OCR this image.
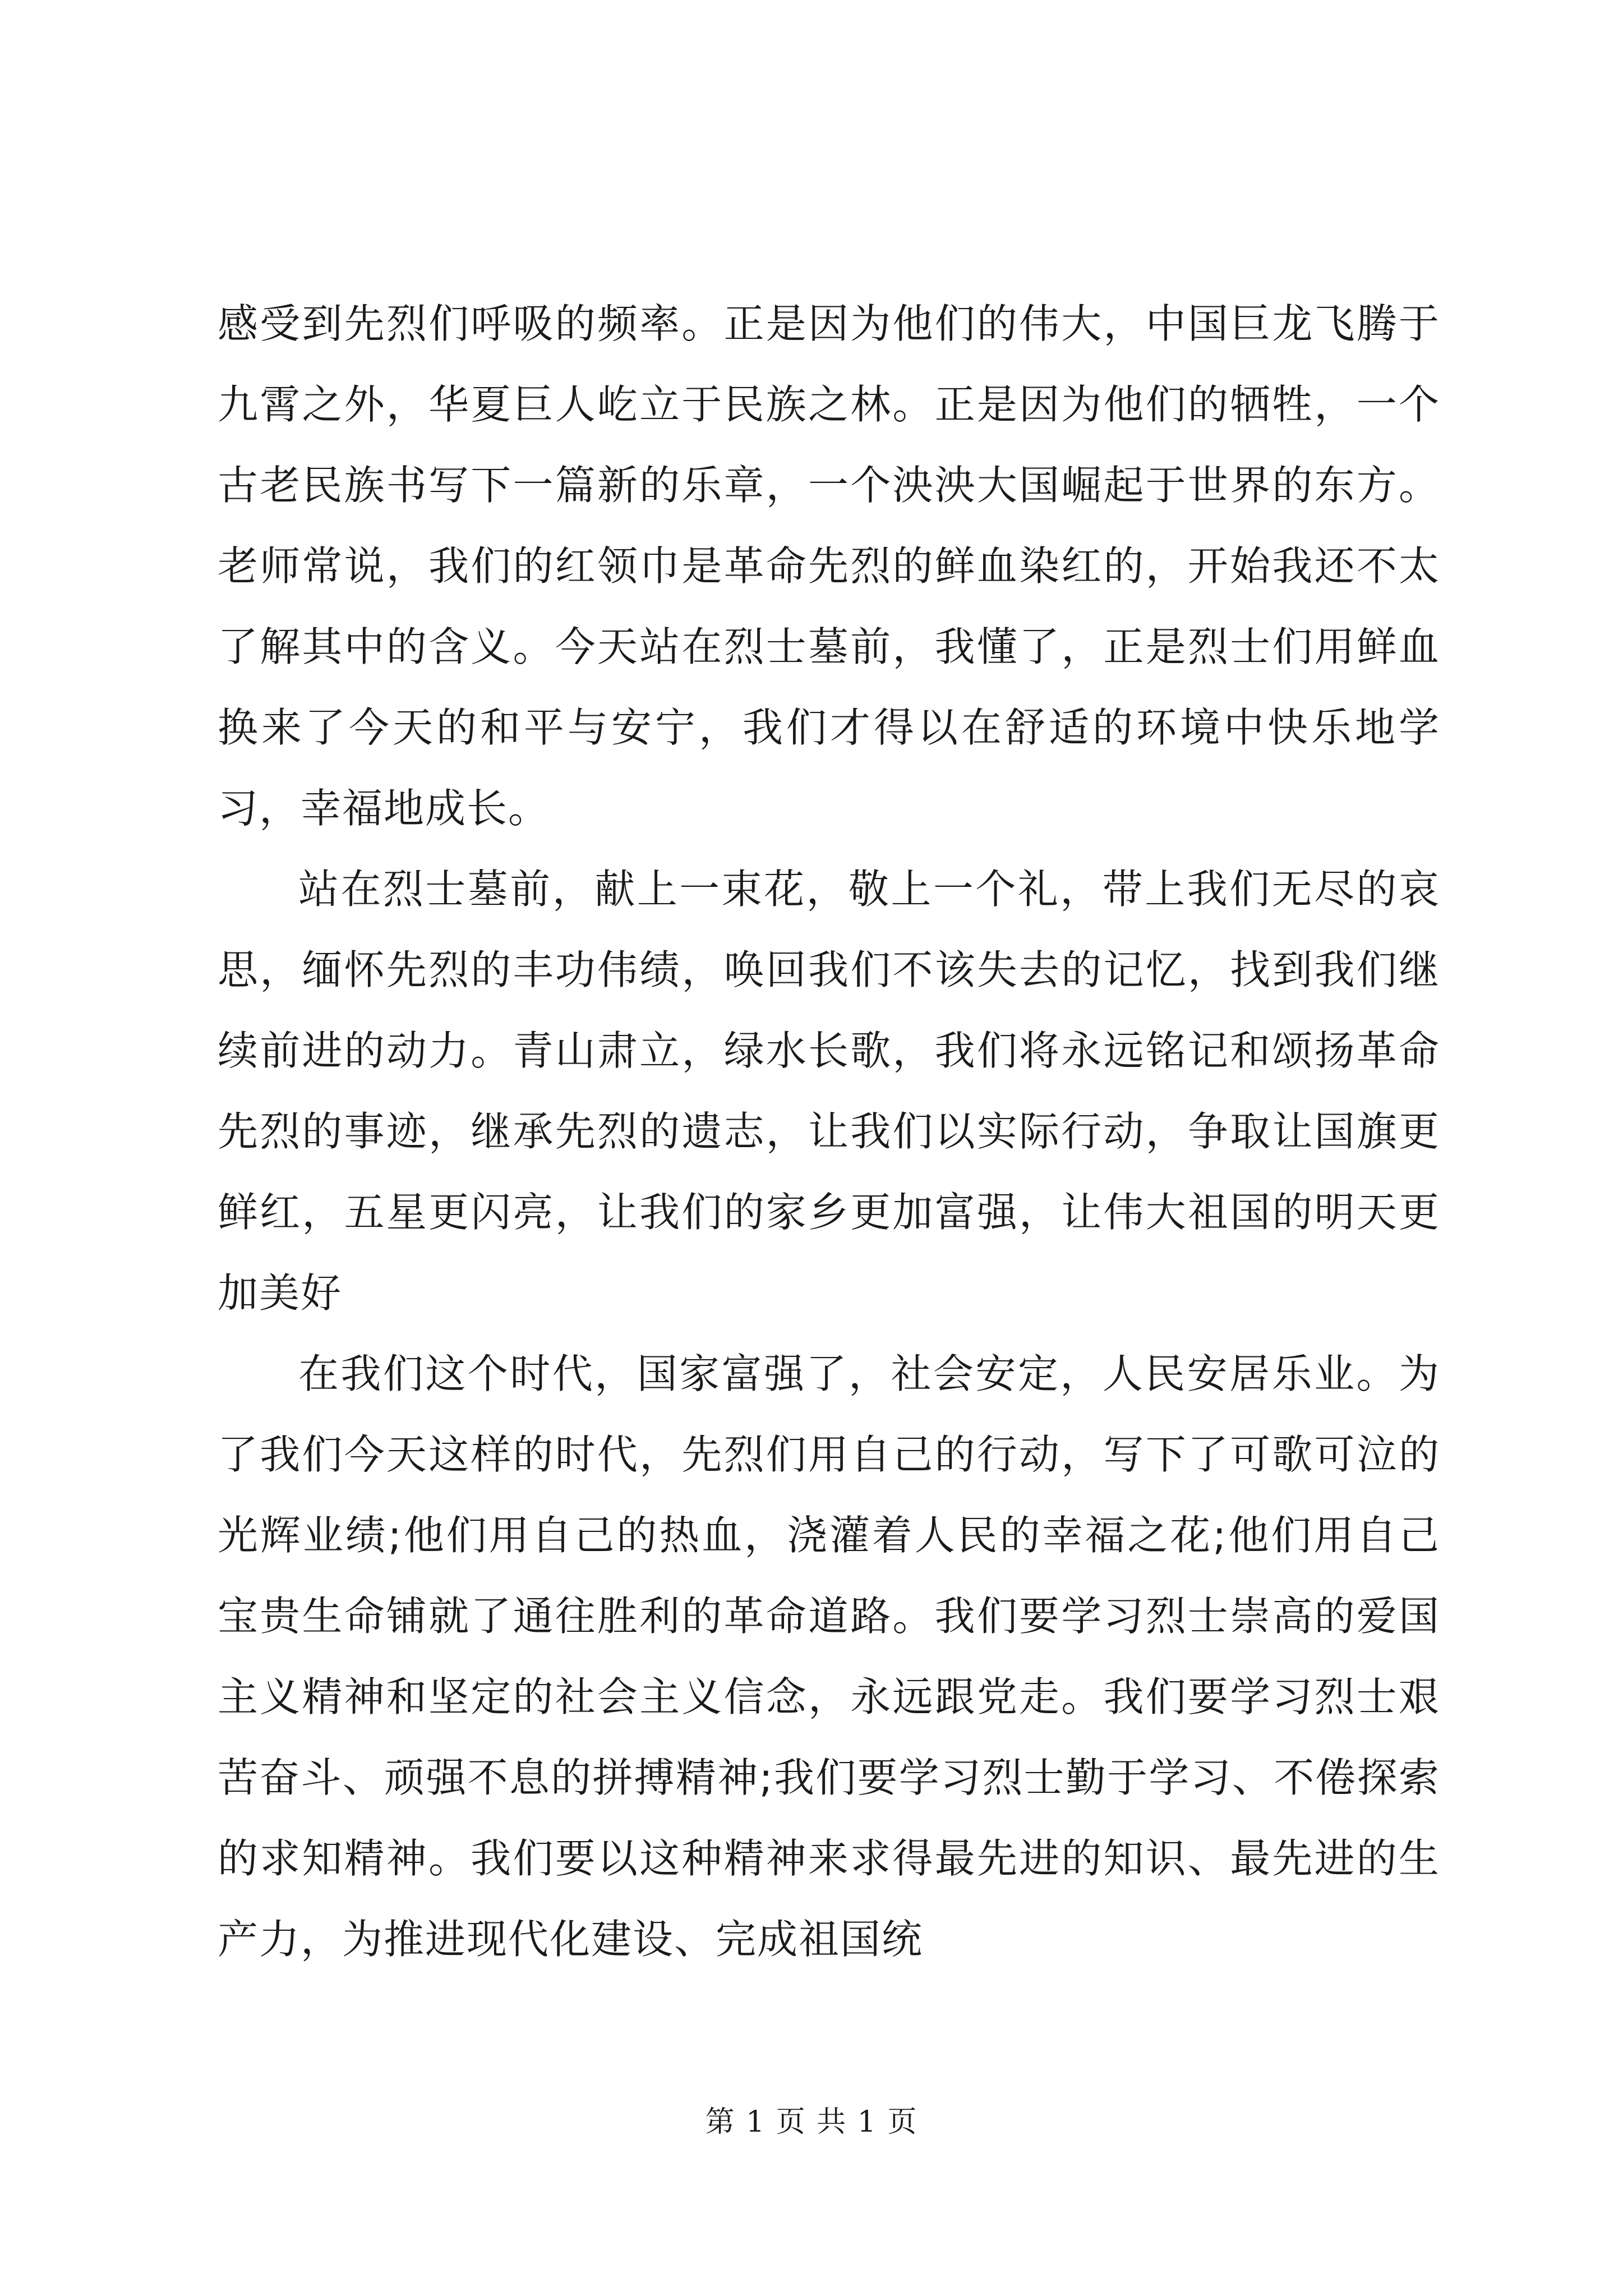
感受到先烈们呼吸的频率。正是因为他们的伟大，中国巨龙飞腾于九霄之外，华夏巨人屹立于民族之林。正是因为他们的牺牲，一个古老民族书写下一篇新的乐章，一个泱泱大国崛起于世界的东方。老师常说，我们的红领巾是革命先烈的鲜血染红的，开始我还不太了解其中的含义。今天站在烈士墓前，我懂了，正是烈士们用鲜血换来了今天的和平与安宁，我们才得以在舒适的环境中快乐地学习，幸福地成长。

站在烈士墓前，献上一束花，敬上一个礼，带上我们无尽的哀思，缅怀先烈的丰功伟绩，唤回我们不该失去的记忆，找到我们继续前进的动力。青山肃立，绿水长歌，我们将永远铭记和颂扬革命先烈的事迹，继承先烈的遗志，让我们以实际行动，争取让国旗更鲜红，五星更闪亮，让我们的家乡更加富强，让伟大祖国的明天更加美好

在我们这个时代，国家富强了，社会安定，人民安居乐业。为了我们今天这样的时代，先烈们用自己的行动，写下了可歌可泣的光辉业绩;他们用自己的热血，浇灌着人民的幸福之花;他们用自己宝贵生命铺就了通往胜利的革命道路。我们要学习烈士崇高的爱国主义精神和坚定的社会主义信念，永远跟党走。我们要学习烈士艰苦奋斗、顽强不息的拼搏精神;我们要学习烈士勤于学习、不倦探索的求知精神。我们要以这种精神来求得最先进的知识、最先进的生产力，为推进现代化建设、完成祖国统

第 1 页 共 1 页
